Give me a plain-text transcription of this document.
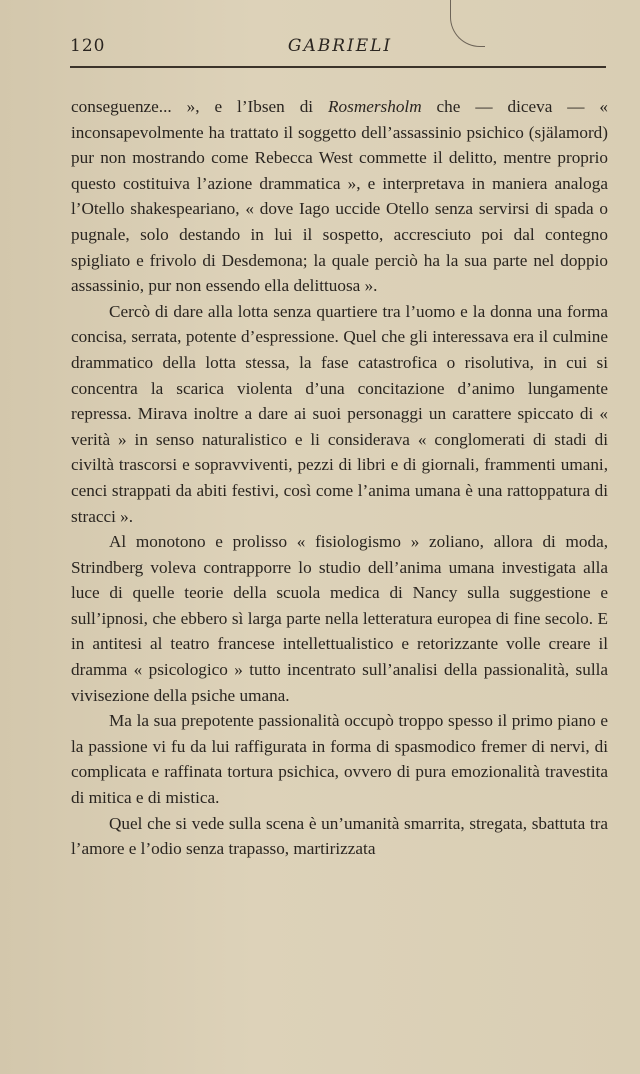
120	GABRIELI

conseguenze... », e l’Ibsen di Rosmersholm che — diceva — « inconsapevolmente ha trattato il soggetto dell’assassinio psichico (själamord) pur non mostrando come Rebecca West commette il delitto, mentre proprio questo costituiva l’azione drammatica », e interpretava in maniera analoga l’Otello shakespeariano, « dove Iago uccide Otello senza servirsi di spada o pugnale, solo destando in lui il sospetto, accresciuto poi dal contegno spigliato e frivolo di Desdemona; la quale perciò ha la sua parte nel doppio assassinio, pur non essendo ella delittuosa ».

Cercò di dare alla lotta senza quartiere tra l’uomo e la donna una forma concisa, serrata, potente d’espressione. Quel che gli interessava era il culmine drammatico della lotta stessa, la fase catastrofica o risolutiva, in cui si concentra la scarica violenta d’una concitazione d’animo lungamente repressa. Mirava inoltre a dare ai suoi personaggi un carattere spiccato di « verità » in senso naturalistico e li considerava « conglomerati di stadi di civiltà trascorsi e sopravviventi, pezzi di libri e di giornali, frammenti umani, cenci strappati da abiti festivi, così come l’anima umana è una rattoppatura di stracci ».

Al monotono e prolisso « fisiologismo » zoliano, allora di moda, Strindberg voleva contrapporre lo studio dell’anima umana investigata alla luce di quelle teorie della scuola medica di Nancy sulla suggestione e sull’ipnosi, che ebbero sì larga parte nella letteratura europea di fine secolo. E in antitesi al teatro francese intellettualistico e retorizzante volle creare il dramma « psicologico » tutto incentrato sull’analisi della passionalità, sulla vivisezione della psiche umana.

Ma la sua prepotente passionalità occupò troppo spesso il primo piano e la passione vi fu da lui raffigurata in forma di spasmodico fremer di nervi, di complicata e raffinata tortura psichica, ovvero di pura emozionalità travestita di mitica e di mistica.

Quel che si vede sulla scena è un’umanità smarrita, stregata, sbattuta tra l’amore e l’odio senza trapasso, martirizzata
